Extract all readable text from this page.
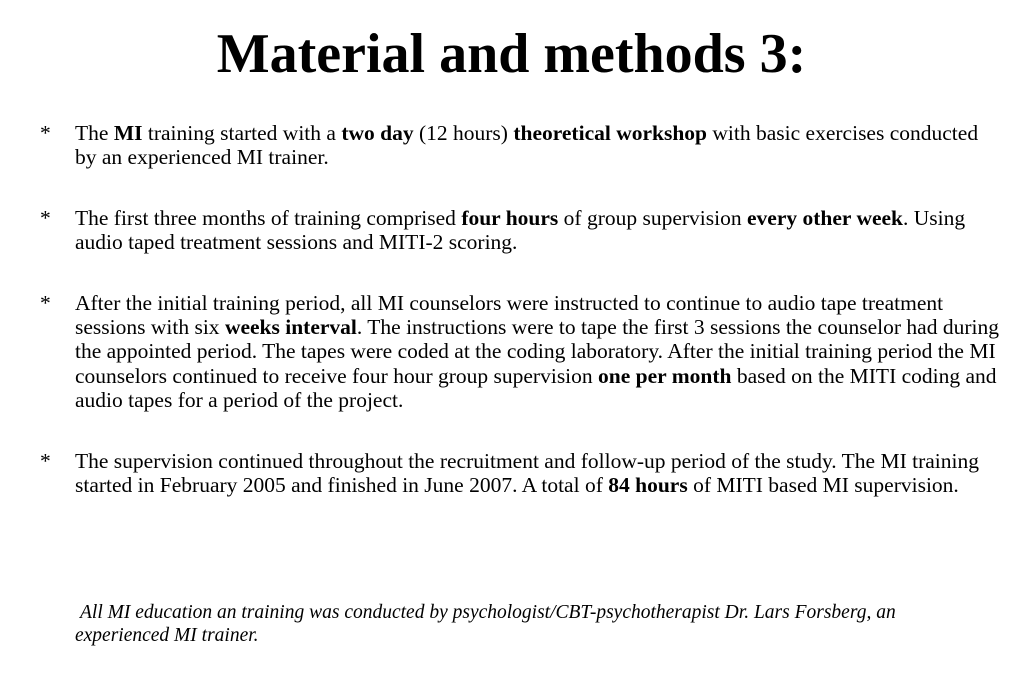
Material and methods 3:

* The MI training started with a two day (12 hours) theoretical workshop with basic exercises conducted by an experienced MI trainer.

* The first three months of training comprised four hours of group supervision every other week. Using audio taped treatment sessions and MITI-2 scoring.

* After the initial training period, all MI counselors were instructed to continue to audio tape treatment sessions with six weeks interval. The instructions were to tape the first 3 sessions the counselor had during the appointed period. The tapes were coded at the coding laboratory. After the initial training period the MI counselors continued to receive four hour group supervision one per month based on the MITI coding and audio tapes for a period of the project.

* The supervision continued throughout the recruitment and follow-up period of the study. The MI training started in February 2005 and finished in June 2007. A total of 84 hours of MITI based MI supervision.

All MI education an training was conducted by psychologist/CBT-psychotherapist Dr. Lars Forsberg, an experienced MI trainer.
